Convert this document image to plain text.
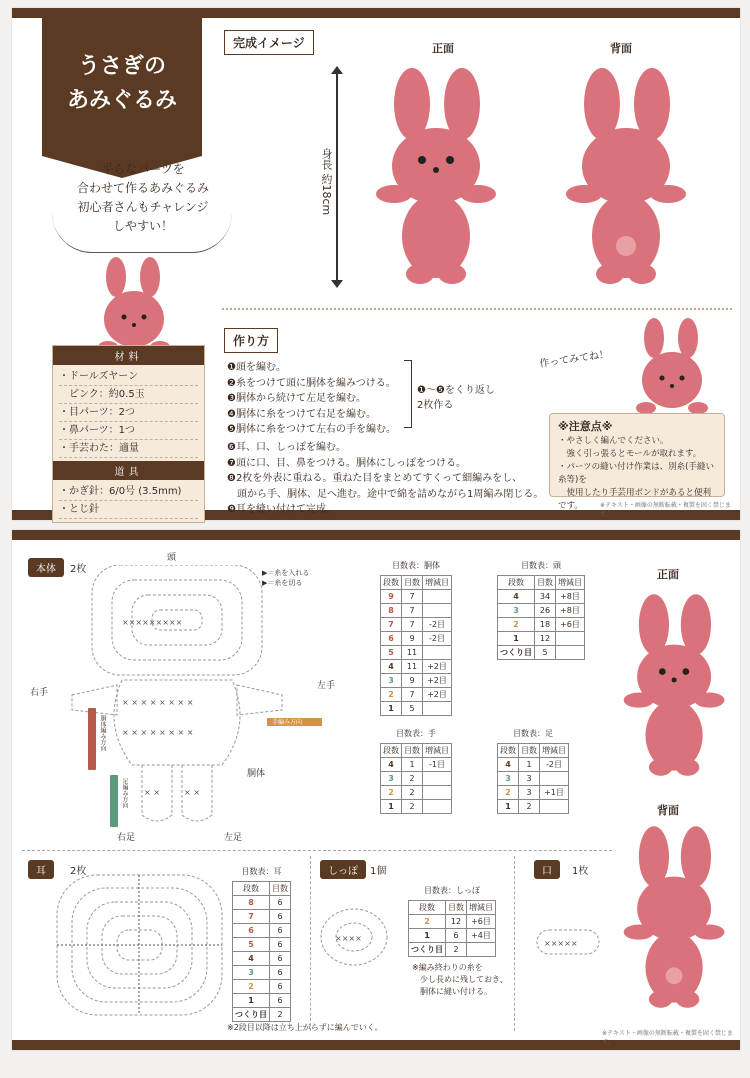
うさぎの
あみぐるみ
平らなパーツを
合わせて作るあみぐるみ
初心者さんもチャレンジ
しやすい！
材料
・ドールズヤーン
　ピンク：約0.5玉
・目パーツ：2つ
・鼻パーツ：1つ
・手芸わた：適量
道具
・かぎ針：6/0号 (3.5mm)
・とじ針
完成イメージ	正面	背面
身長 約18cm
作り方
❶頭を編む。
❷糸をつけて頭に胴体を編みつける。
❸胴体から続けて左足を編む。
❹胴体に糸をつけて右足を編む。
❺胴体に糸をつけて左右の手を編む。
❶～❺をくり返し
2枚作る
❻耳、口、しっぽを編む。
❼頭に口、目、鼻をつける。胴体にしっぽをつける。
❽2枚を外表に重ねる。重ねた目をまとめてすくって細編みをし、
　頭から手、胴体、足へ進む。途中で綿を詰めながら1周編み閉じる。
❾耳を縫い付けて完成。
作ってみてね！
※注意点※
・やさしく編んでください。
　強く引っ張るとモールが取れます。
・パーツの縫い付け作業は、別糸(手縫い糸等)を
　使用したり手芸用ボンドがあると便利です。	※テキスト・画像の無断転載・複製を固く禁じます。
本体	2枚
頭
▶＝糸を入れる
▶＝糸を切る
×××××××××
× × × × × × × ×
× × × × × × × ×
× ×	× ×
右手
左手
胴体
右足	左足
胴体編み方向
足編み方向
手編み方向
目数表：胴体
段数	目数	増減目
9	7	
8	7	
7	7	-2目
6	9	-2目
5	11	
4	11	+2目
3	9	+2目
2	7	+2目
1	5	
目数表：頭
段数	目数	増減目
4	34	+8目
3	26	+8目
2	18	+6目
1	12	
つくり目	5	
目数表：手
段数	目数	増減目
4	1	-1目
3	2	
2	2	
1	2	
目数表：足
段数	目数	増減目
4	1	-2目
3	3	
2	3	+1目
1	2	
正面
背面
耳	2枚	目数表：耳
段数	目数
8	6
7	6
6	6
5	6
4	6
3	6
2	6
1	6
つくり目	2
※2段目以降は立ち上がらずに編んでいく。
しっぽ	1個
××××
目数表：しっぽ
段数	目数	増減目
2	12	+6目
1	6	+4目
つくり目	2	
※編み終わりの糸を
　少し長めに残しておき、
　胴体に縫い付ける。
口	1枚
×××××
※テキスト・画像の無断転載・複製を固く禁じます。
